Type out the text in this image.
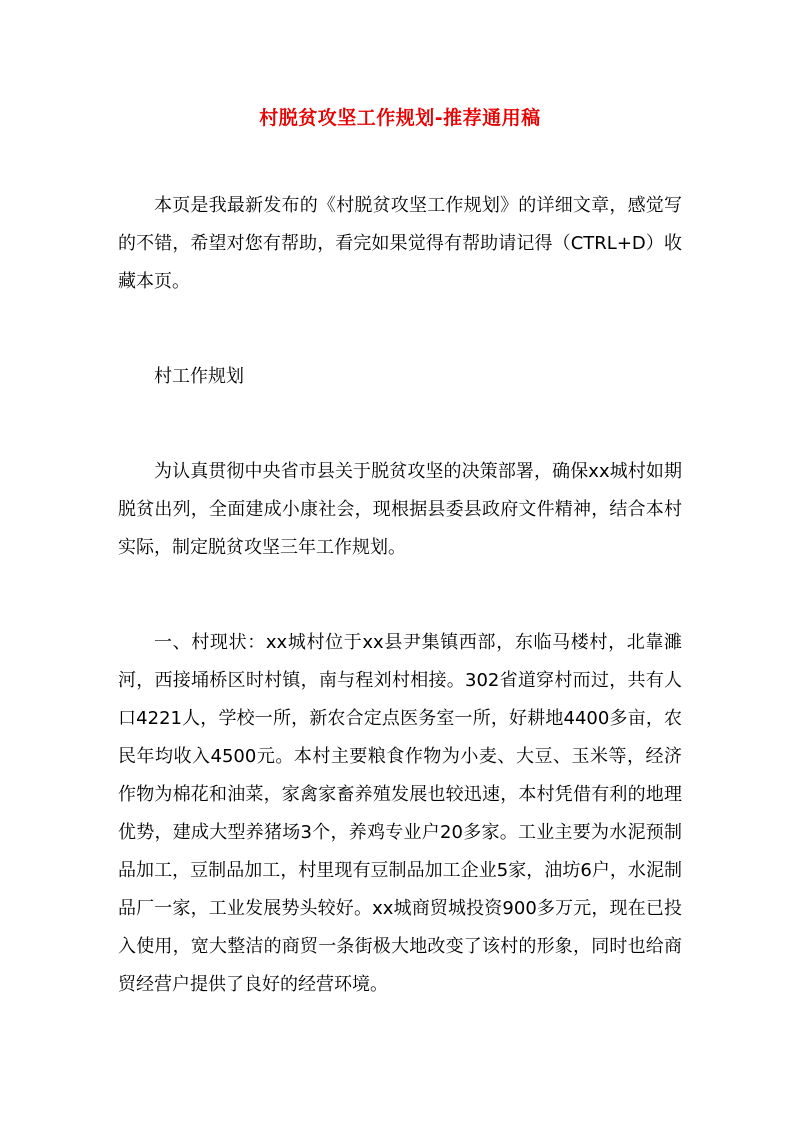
村脱贫攻坚工作规划-推荐通用稿

本页是我最新发布的《村脱贫攻坚工作规划》的详细文章，感觉写的不错，希望对您有帮助，看完如果觉得有帮助请记得（CTRL+D）收藏本页。

村工作规划

为认真贯彻中央省市县关于脱贫攻坚的决策部署，确保xx城村如期脱贫出列，全面建成小康社会，现根据县委县政府文件精神，结合本村实际，制定脱贫攻坚三年工作规划。

一、村现状：xx城村位于xx县尹集镇西部，东临马楼村，北靠濉河，西接埇桥区时村镇，南与程刘村相接。302省道穿村而过，共有人口4221人，学校一所，新农合定点医务室一所，好耕地4400多亩，农民年均收入4500元。本村主要粮食作物为小麦、大豆、玉米等，经济作物为棉花和油菜，家禽家畜养殖发展也较迅速，本村凭借有利的地理优势，建成大型养猪场3个，养鸡专业户20多家。工业主要为水泥预制品加工，豆制品加工，村里现有豆制品加工企业5家，油坊6户，水泥制品厂一家，工业发展势头较好。xx城商贸城投资900多万元，现在已投入使用，宽大整洁的商贸一条街极大地改变了该村的形象，同时也给商贸经营户提供了良好的经营环境。
